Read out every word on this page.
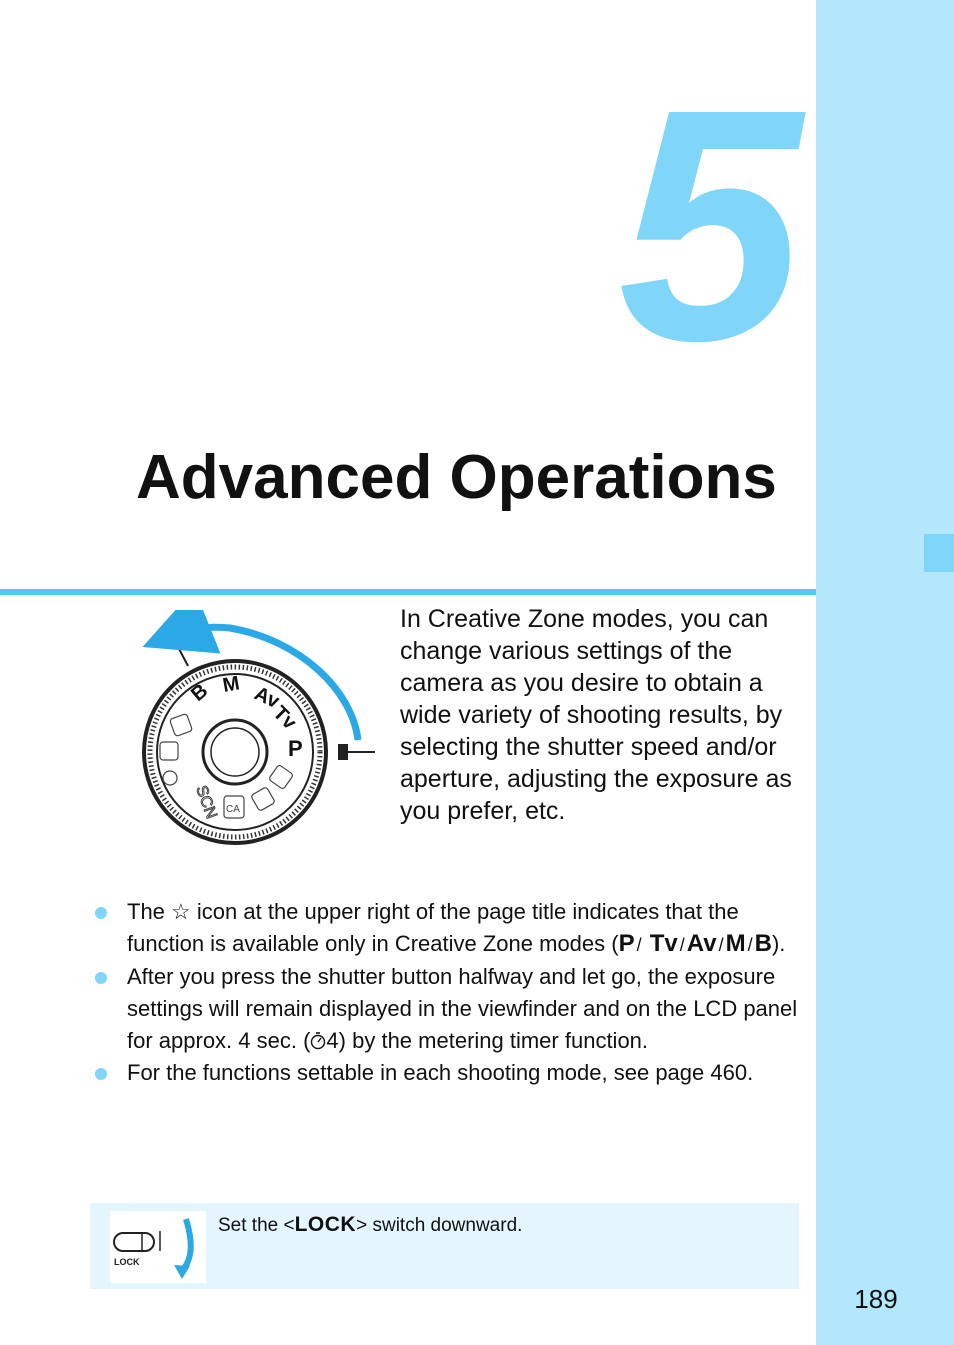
189
5
Advanced Operations
B M Av
Tv
P
SCN CA
In Creative Zone modes, you can change various settings of the camera as you desire to obtain a wide variety of shooting results, by selecting the shutter speed and/or aperture, adjusting the exposure as you prefer, etc.
The ☆ icon at the upper right of the page title indicates that the function is available only in Creative Zone modes (P / Tv /Av /M /B).
After you press the shutter button halfway and let go, the exposure settings will remain displayed in the viewfinder and on the LCD panel for approx. 4 sec. ( 4) by the metering timer function.
For the functions settable in each shooting mode, see page 460.
LOCK
Set the <LOCK> switch downward.
